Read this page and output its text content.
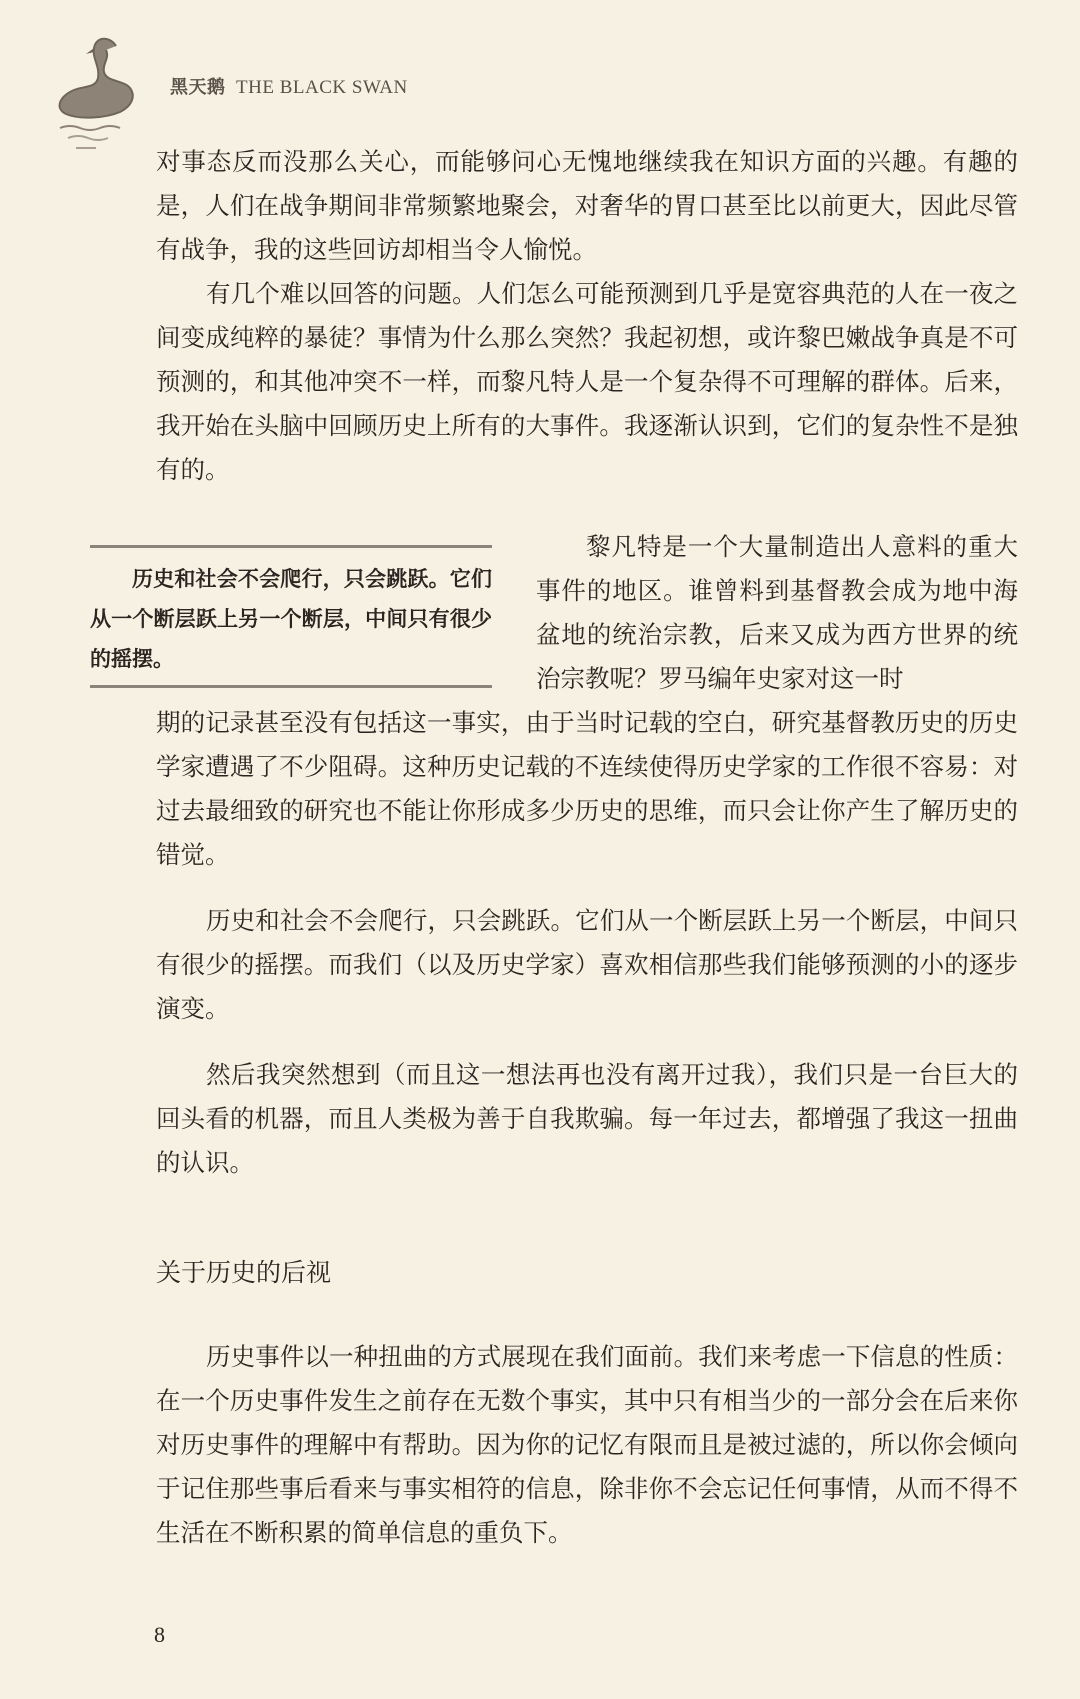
黑天鹅 THE BLACK SWAN

对事态反而没那么关心，而能够问心无愧地继续我在知识方面的兴趣。有趣的是，人们在战争期间非常频繁地聚会，对奢华的胃口甚至比以前更大，因此尽管有战争，我的这些回访却相当令人愉悦。

有几个难以回答的问题。人们怎么可能预测到几乎是宽容典范的人在一夜之间变成纯粹的暴徒？事情为什么那么突然？我起初想，或许黎巴嫩战争真是不可预测的，和其他冲突不一样，而黎凡特人是一个复杂得不可理解的群体。后来，我开始在头脑中回顾历史上所有的大事件。我逐渐认识到，它们的复杂性不是独有的。

历史和社会不会爬行，只会跳跃。它们从一个断层跃上另一个断层，中间只有很少的摇摆。

黎凡特是一个大量制造出人意料的重大事件的地区。谁曾料到基督教会成为地中海盆地的统治宗教，后来又成为西方世界的统治宗教呢？罗马编年史家对这一时

期的记录甚至没有包括这一事实，由于当时记载的空白，研究基督教历史的历史学家遭遇了不少阻碍。这种历史记载的不连续使得历史学家的工作很不容易：对过去最细致的研究也不能让你形成多少历史的思维，而只会让你产生了解历史的错觉。

历史和社会不会爬行，只会跳跃。它们从一个断层跃上另一个断层，中间只有很少的摇摆。而我们（以及历史学家）喜欢相信那些我们能够预测的小的逐步演变。

然后我突然想到（而且这一想法再也没有离开过我），我们只是一台巨大的回头看的机器，而且人类极为善于自我欺骗。每一年过去，都增强了我这一扭曲的认识。

关于历史的后视

历史事件以一种扭曲的方式展现在我们面前。我们来考虑一下信息的性质：在一个历史事件发生之前存在无数个事实，其中只有相当少的一部分会在后来你对历史事件的理解中有帮助。因为你的记忆有限而且是被过滤的，所以你会倾向于记住那些事后看来与事实相符的信息，除非你不会忘记任何事情，从而不得不生活在不断积累的简单信息的重负下。

8
